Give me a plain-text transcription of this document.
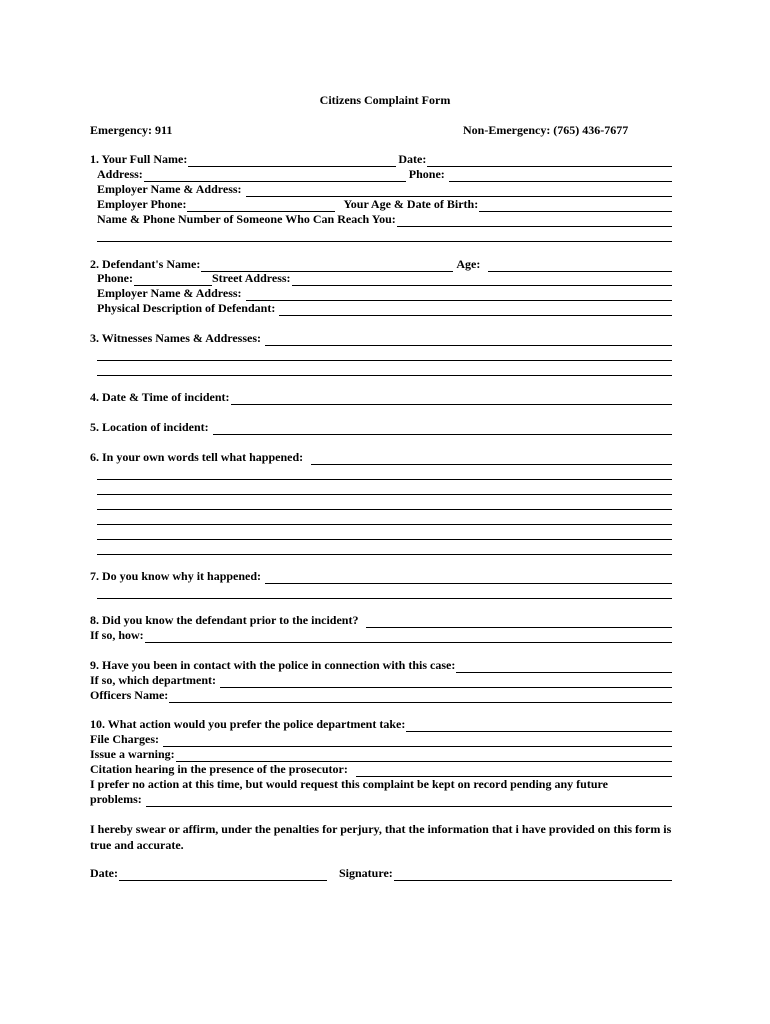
Citizens Complaint Form
Emergency: 911	Non-Emergency: (765) 436-7677
1. Your Full Name:	Date:
Address:	Phone:
Employer Name & Address:
Employer Phone:	Your Age & Date of Birth:
Name & Phone Number of Someone Who Can Reach You:
2. Defendant's Name:	Age:
Phone:	Street Address:
Employer Name & Address:
Physical Description of Defendant:
3. Witnesses Names & Addresses:
4. Date & Time of incident:
5. Location of incident:
6. In your own words tell what happened:
7. Do you know why it happened:
8. Did you know the defendant prior to the incident?
If so, how:
9. Have you been in contact with the police in connection with this case:
If so, which department:
Officers Name:
10. What action would you prefer the police department take:
File Charges:
Issue a warning:
Citation hearing in the presence of the prosecutor:
I prefer no action at this time, but would request this complaint be kept on record pending any future
problems:
I hereby swear or affirm, under the penalties for perjury, that the information that i have provided on this form is true and accurate.
Date:	Signature:
